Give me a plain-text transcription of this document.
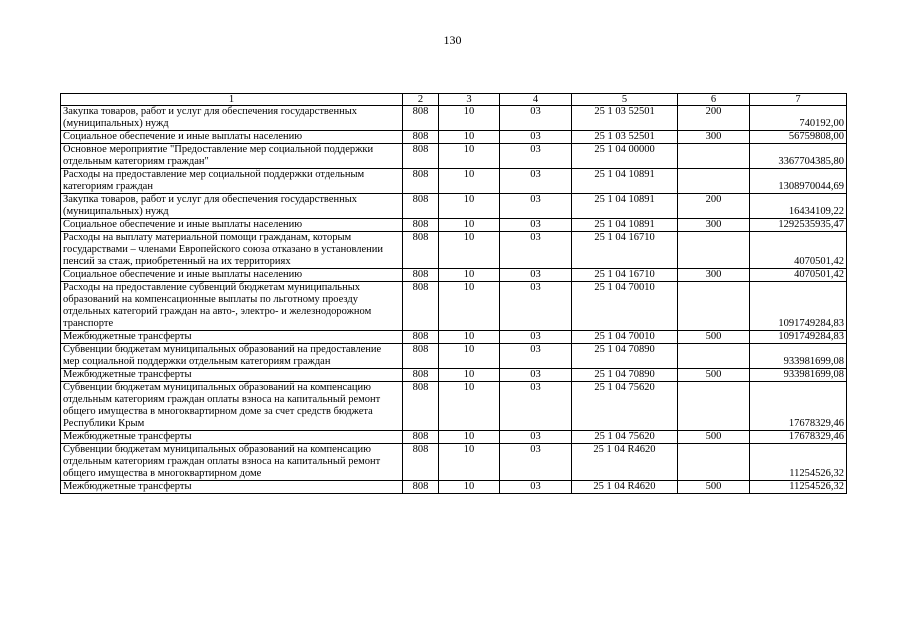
130
1	2	3	4	5	6	7
Закупка товаров, работ и услуг для обеспечения государственных (муниципальных) нужд	808	10	03	25 1 03 52501	200	740192,00
Социальное обеспечение и иные выплаты населению	808	10	03	25 1 03 52501	300	56759808,00
Основное мероприятие "Предоставление мер социальной поддержки отдельным категориям граждан"	808	10	03	25 1 04 00000		3367704385,80
Расходы на предоставление мер социальной поддержки отдельным категориям граждан	808	10	03	25 1 04 10891		1308970044,69
Закупка товаров, работ и услуг для обеспечения государственных (муниципальных) нужд	808	10	03	25 1 04 10891	200	16434109,22
Социальное обеспечение и иные выплаты населению	808	10	03	25 1 04 10891	300	1292535935,47
Расходы на выплату материальной помощи гражданам, которым государствами – членами Европейского союза отказано в установлении пенсий за стаж, приобретенный на их территориях	808	10	03	25 1 04 16710		4070501,42
Социальное обеспечение и иные выплаты населению	808	10	03	25 1 04 16710	300	4070501,42
Расходы на предоставление субвенций бюджетам муниципальных образований на компенсационные выплаты по льготному проезду отдельных категорий граждан на авто-, электро- и железнодорожном транспорте	808	10	03	25 1 04 70010		1091749284,83
Межбюджетные трансферты	808	10	03	25 1 04 70010	500	1091749284,83
Субвенции бюджетам муниципальных образований на предоставление мер социальной поддержки отдельным категориям граждан	808	10	03	25 1 04 70890		933981699,08
Межбюджетные трансферты	808	10	03	25 1 04 70890	500	933981699,08
Субвенции бюджетам муниципальных образований на компенсацию отдельным категориям граждан оплаты взноса на капитальный ремонт общего имущества в многоквартирном доме за счет средств бюджета Республики Крым	808	10	03	25 1 04 75620		17678329,46
Межбюджетные трансферты	808	10	03	25 1 04 75620	500	17678329,46
Субвенции бюджетам муниципальных образований на компенсацию отдельным категориям граждан оплаты взноса на капитальный ремонт общего имущества в многоквартирном доме	808	10	03	25 1 04 R4620		11254526,32
Межбюджетные трансферты	808	10	03	25 1 04 R4620	500	11254526,32
